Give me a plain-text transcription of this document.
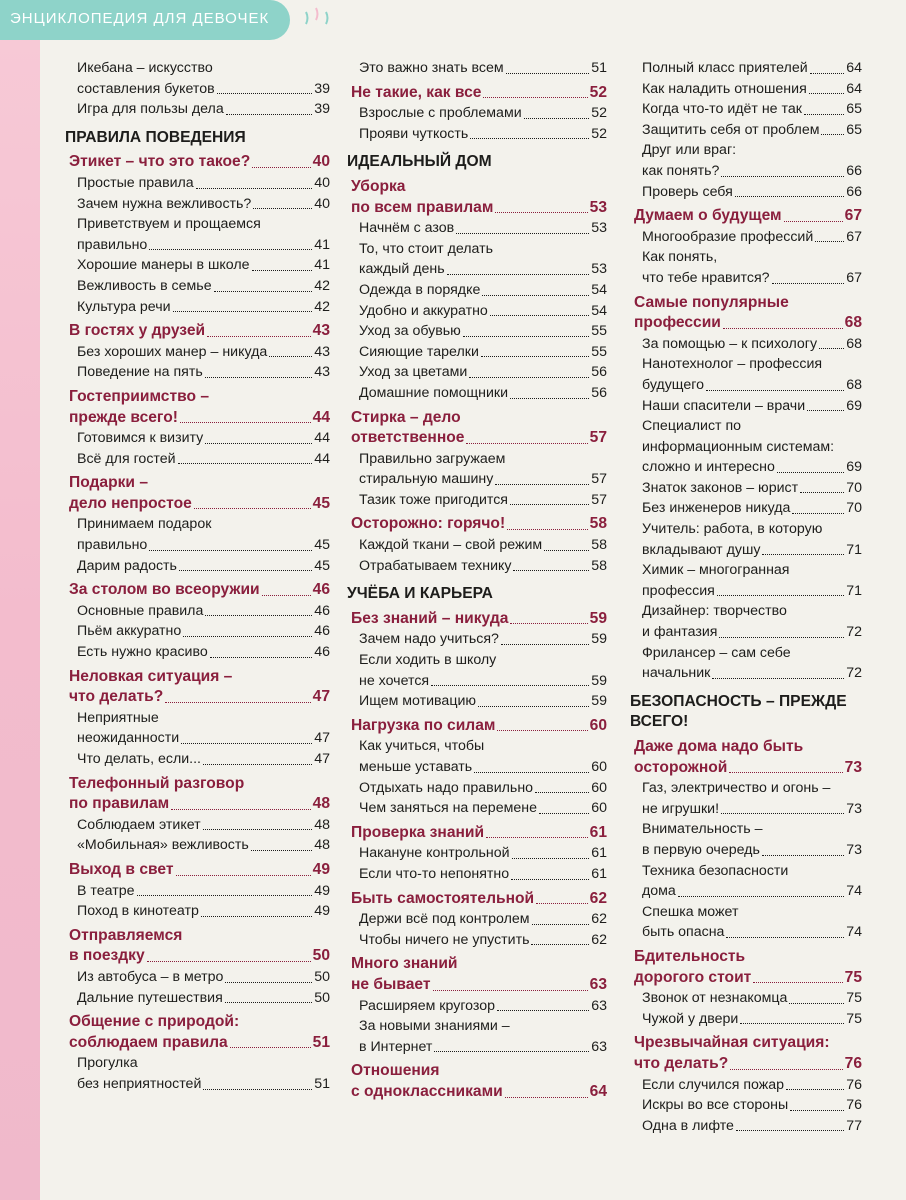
ЭНЦИКЛОПЕДИЯ ДЛЯ ДЕВОЧЕК
Икебана – искусство
составления букетов	39
Игра для пользы дела	39
ПРАВИЛА ПОВЕДЕНИЯ
Этикет – что это такое?	40
Простые правила	40
Зачем нужна вежливость?	40
Приветствуем и прощаемся
правильно	41
Хорошие манеры в школе	41
Вежливость в семье	42
Культура речи	42
В гостях у друзей	43
Без хороших манер – никуда	43
Поведение на пять	43
Гостеприимство –
прежде всего!	44
Готовимся к визиту	44
Всё для гостей	44
Подарки –
дело непростое	45
Принимаем подарок
правильно	45
Дарим радость	45
За столом во всеоружии	46
Основные правила	46
Пьём аккуратно	46
Есть нужно красиво	46
Неловкая ситуация –
что делать?	47
Неприятные
неожиданности	47
Что делать, если...	47
Телефонный разговор
по правилам	48
Соблюдаем этикет	48
«Мобильная» вежливость	48
Выход в свет	49
В театре	49
Поход в кинотеатр	49
Отправляемся
в поездку	50
Из автобуса – в метро	50
Дальние путешествия	50
Общение с природой:
соблюдаем правила	51
Прогулка
без неприятностей	51
Это важно знать всем	51
Не такие, как все	52
Взрослые с проблемами	52
Прояви чуткость	52
ИДЕАЛЬНЫЙ ДОМ
Уборка
по всем правилам	53
Начнём с азов	53
То, что стоит делать
каждый день	53
Одежда в порядке	54
Удобно и аккуратно	54
Уход за обувью	55
Сияющие тарелки	55
Уход за цветами	56
Домашние помощники	56
Стирка – дело
ответственное	57
Правильно загружаем
стиральную машину	57
Тазик тоже пригодится	57
Осторожно: горячо!	58
Каждой ткани – свой режим	58
Отрабатываем технику	58
УЧЁБА И КАРЬЕРА
Без знаний – никуда	59
Зачем надо учиться?	59
Если ходить в школу
не хочется	59
Ищем мотивацию	59
Нагрузка по силам	60
Как учиться, чтобы
меньше уставать	60
Отдыхать надо правильно	60
Чем заняться на перемене	60
Проверка знаний	61
Накануне контрольной	61
Если что-то непонятно	61
Быть самостоятельной	62
Держи всё под контролем	62
Чтобы ничего не упустить	62
Много знаний
не бывает	63
Расширяем кругозор	63
За новыми знаниями –
в Интернет	63
Отношения
с одноклассниками	64
Полный класс приятелей	64
Как наладить отношения	64
Когда что-то идёт не так	65
Защитить себя от проблем 65
Друг или враг:
как понять?	66
Проверь себя	66
Думаем о будущем	67
Многообразие профессий 67
Как понять,
что тебе нравится?	67
Самые популярные
профессии	68
За помощью – к психологу 68
Нанотехнолог – профессия
будущего	68
Наши спасители – врачи	69
Специалист по
информационным системам:
сложно и интересно	69
Знаток законов – юрист	70
Без инженеров никуда	70
Учитель: работа, в которую
вкладывают душу	71
Химик – многогранная
профессия	71
Дизайнер: творчество
и фантазия	72
Фрилансер – сам себе
начальник	72
БЕЗОПАСНОСТЬ – ПРЕЖДЕ
ВСЕГО!
Даже дома надо быть
осторожной	73
Газ, электричество и огонь –
не игрушки!	73
Внимательность –
в первую очередь	73
Техника безопасности
дома	74
Спешка может
быть опасна	74
Бдительность
дорогого стоит	75
Звонок от незнакомца	75
Чужой у двери	75
Чрезвычайная ситуация:
что делать?	76
Если случился пожар	76
Искры во все стороны	76
Одна в лифте	77
